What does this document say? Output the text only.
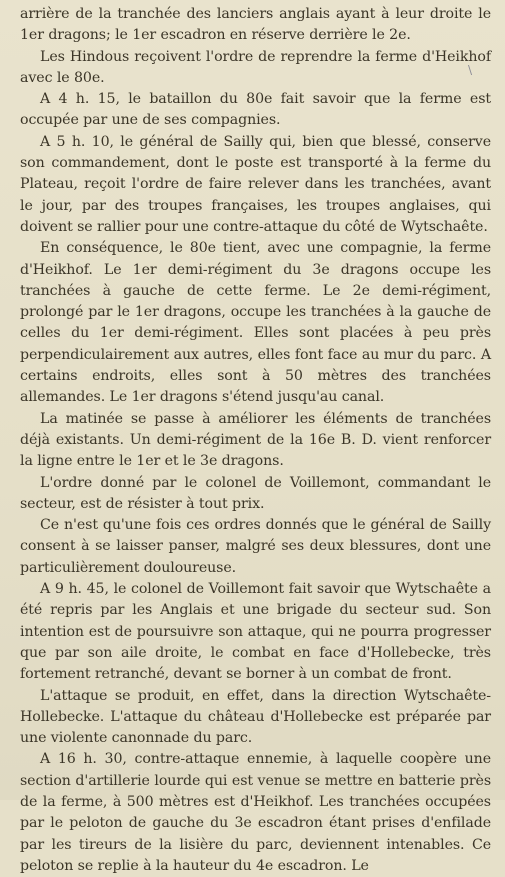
arrière de la tranchée des lanciers anglais ayant à leur droite le 1er dragons; le 1er escadron en réserve derrière le 2e.

Les Hindous reçoivent l'ordre de reprendre la ferme d'Heikhof avec le 80e.

A 4 h. 15, le bataillon du 80e fait savoir que la ferme est occupée par une de ses compagnies.

A 5 h. 10, le général de Sailly qui, bien que blessé, conserve son commandement, dont le poste est transporté à la ferme du Plateau, reçoit l'ordre de faire relever dans les tranchées, avant le jour, par des troupes françaises, les troupes anglaises, qui doivent se rallier pour une contre-attaque du côté de Wytschaête.

En conséquence, le 80e tient, avec une compagnie, la ferme d'Heikhof. Le 1er demi-régiment du 3e dragons occupe les tranchées à gauche de cette ferme. Le 2e demi-régiment, prolongé par le 1er dragons, occupe les tranchées à la gauche de celles du 1er demi-régiment. Elles sont placées à peu près perpendiculairement aux autres, elles font face au mur du parc. A certains endroits, elles sont à 50 mètres des tranchées allemandes. Le 1er dragons s'étend jusqu'au canal.

La matinée se passe à améliorer les éléments de tranchées déjà existants. Un demi-régiment de la 16e B. D. vient renforcer la ligne entre le 1er et le 3e dragons.

L'ordre donné par le colonel de Voillemont, commandant le secteur, est de résister à tout prix.

Ce n'est qu'une fois ces ordres donnés que le général de Sailly consent à se laisser panser, malgré ses deux blessures, dont une particulièrement douloureuse.

A 9 h. 45, le colonel de Voillemont fait savoir que Wytschaête a été repris par les Anglais et une brigade du secteur sud. Son intention est de poursuivre son attaque, qui ne pourra progresser que par son aile droite, le combat en face d'Hollebecke, très fortement retranché, devant se borner à un combat de front.

L'attaque se produit, en effet, dans la direction Wytschaête-Hollebecke. L'attaque du château d'Hollebecke est préparée par une violente canonnade du parc.

A 16 h. 30, contre-attaque ennemie, à laquelle coopère une section d'artillerie lourde qui est venue se mettre en batterie près de la ferme, à 500 mètres est d'Heikhof. Les tranchées occupées par le peloton de gauche du 3e escadron étant prises d'enfilade par les tireurs de la lisière du parc, deviennent intenables. Ce peloton se replie à la hauteur du 4e escadron. Le

\
